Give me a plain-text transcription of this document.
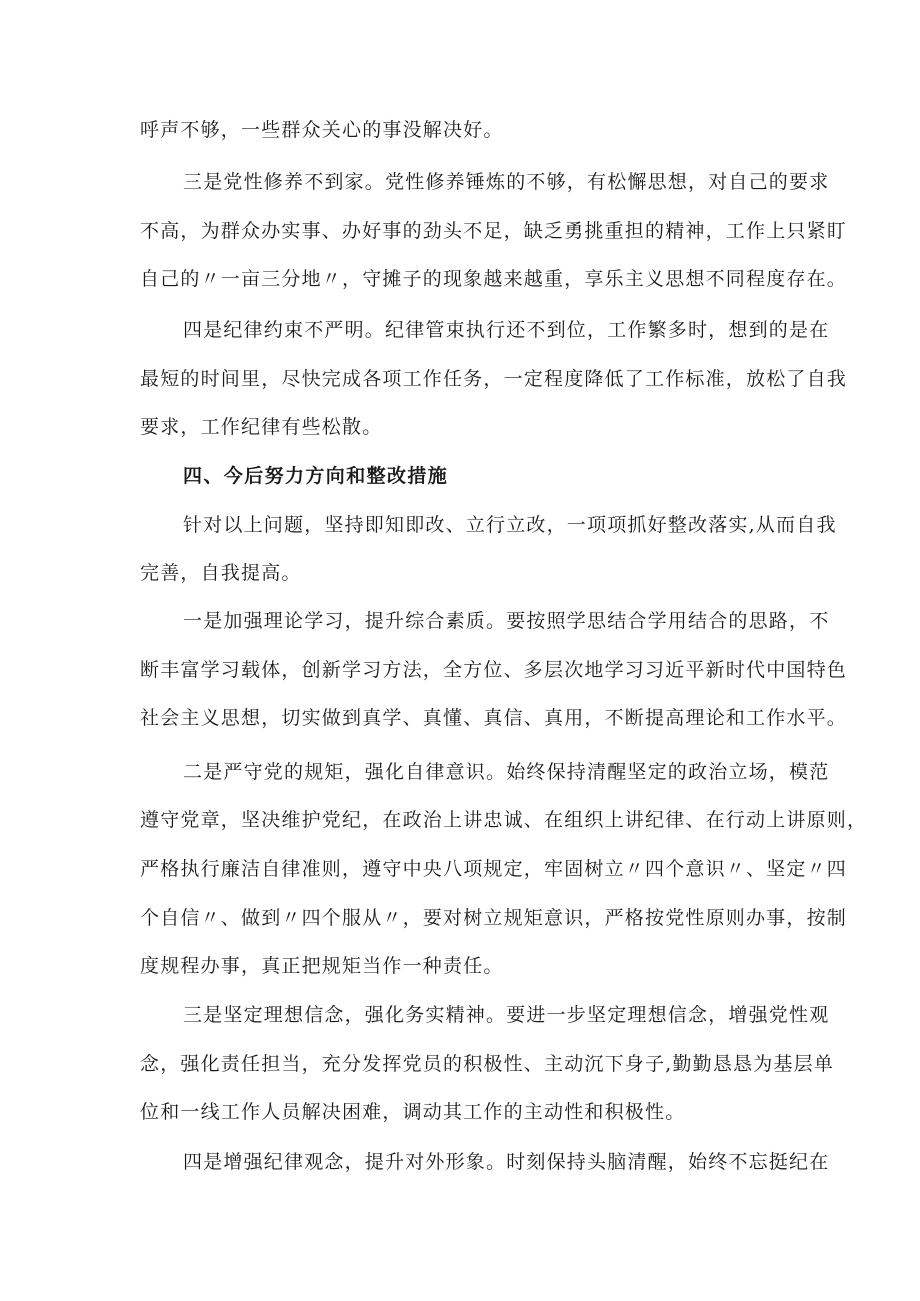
呼声不够，一些群众关心的事没解决好。
三是党性修养不到家。党性修养锤炼的不够，有松懈思想，对自己的要求
不高，为群众办实事、办好事的劲头不足，缺乏勇挑重担的精神，工作上只紧盯
自己的〃一亩三分地〃，守摊子的现象越来越重，享乐主义思想不同程度存在。
四是纪律约束不严明。纪律管束执行还不到位，工作繁多时，想到的是在
最短的时间里，尽快完成各项工作任务，一定程度降低了工作标准，放松了自我
要求，工作纪律有些松散。
四、今后努力方向和整改措施
针对以上问题，坚持即知即改、立行立改，一项项抓好整改落实,从而自我
完善，自我提高。
一是加强理论学习，提升综合素质。要按照学思结合学用结合的思路，不
断丰富学习载体，创新学习方法，全方位、多层次地学习习近平新时代中国特色
社会主义思想，切实做到真学、真懂、真信、真用，不断提高理论和工作水平。
二是严守党的规矩，强化自律意识。始终保持清醒坚定的政治立场，模范
遵守党章，坚决维护党纪，在政治上讲忠诚、在组织上讲纪律、在行动上讲原则，
严格执行廉洁自律准则，遵守中央八项规定，牢固树立〃四个意识〃、坚定〃四
个自信〃、做到〃四个服从〃，要对树立规矩意识，严格按党性原则办事，按制
度规程办事，真正把规矩当作一种责任。
三是坚定理想信念，强化务实精神。要进一步坚定理想信念，增强党性观
念，强化责任担当，充分发挥党员的积极性、主动沉下身子,勤勤恳恳为基层单
位和一线工作人员解决困难，调动其工作的主动性和积极性。
四是增强纪律观念，提升对外形象。时刻保持头脑清醒，始终不忘挺纪在
